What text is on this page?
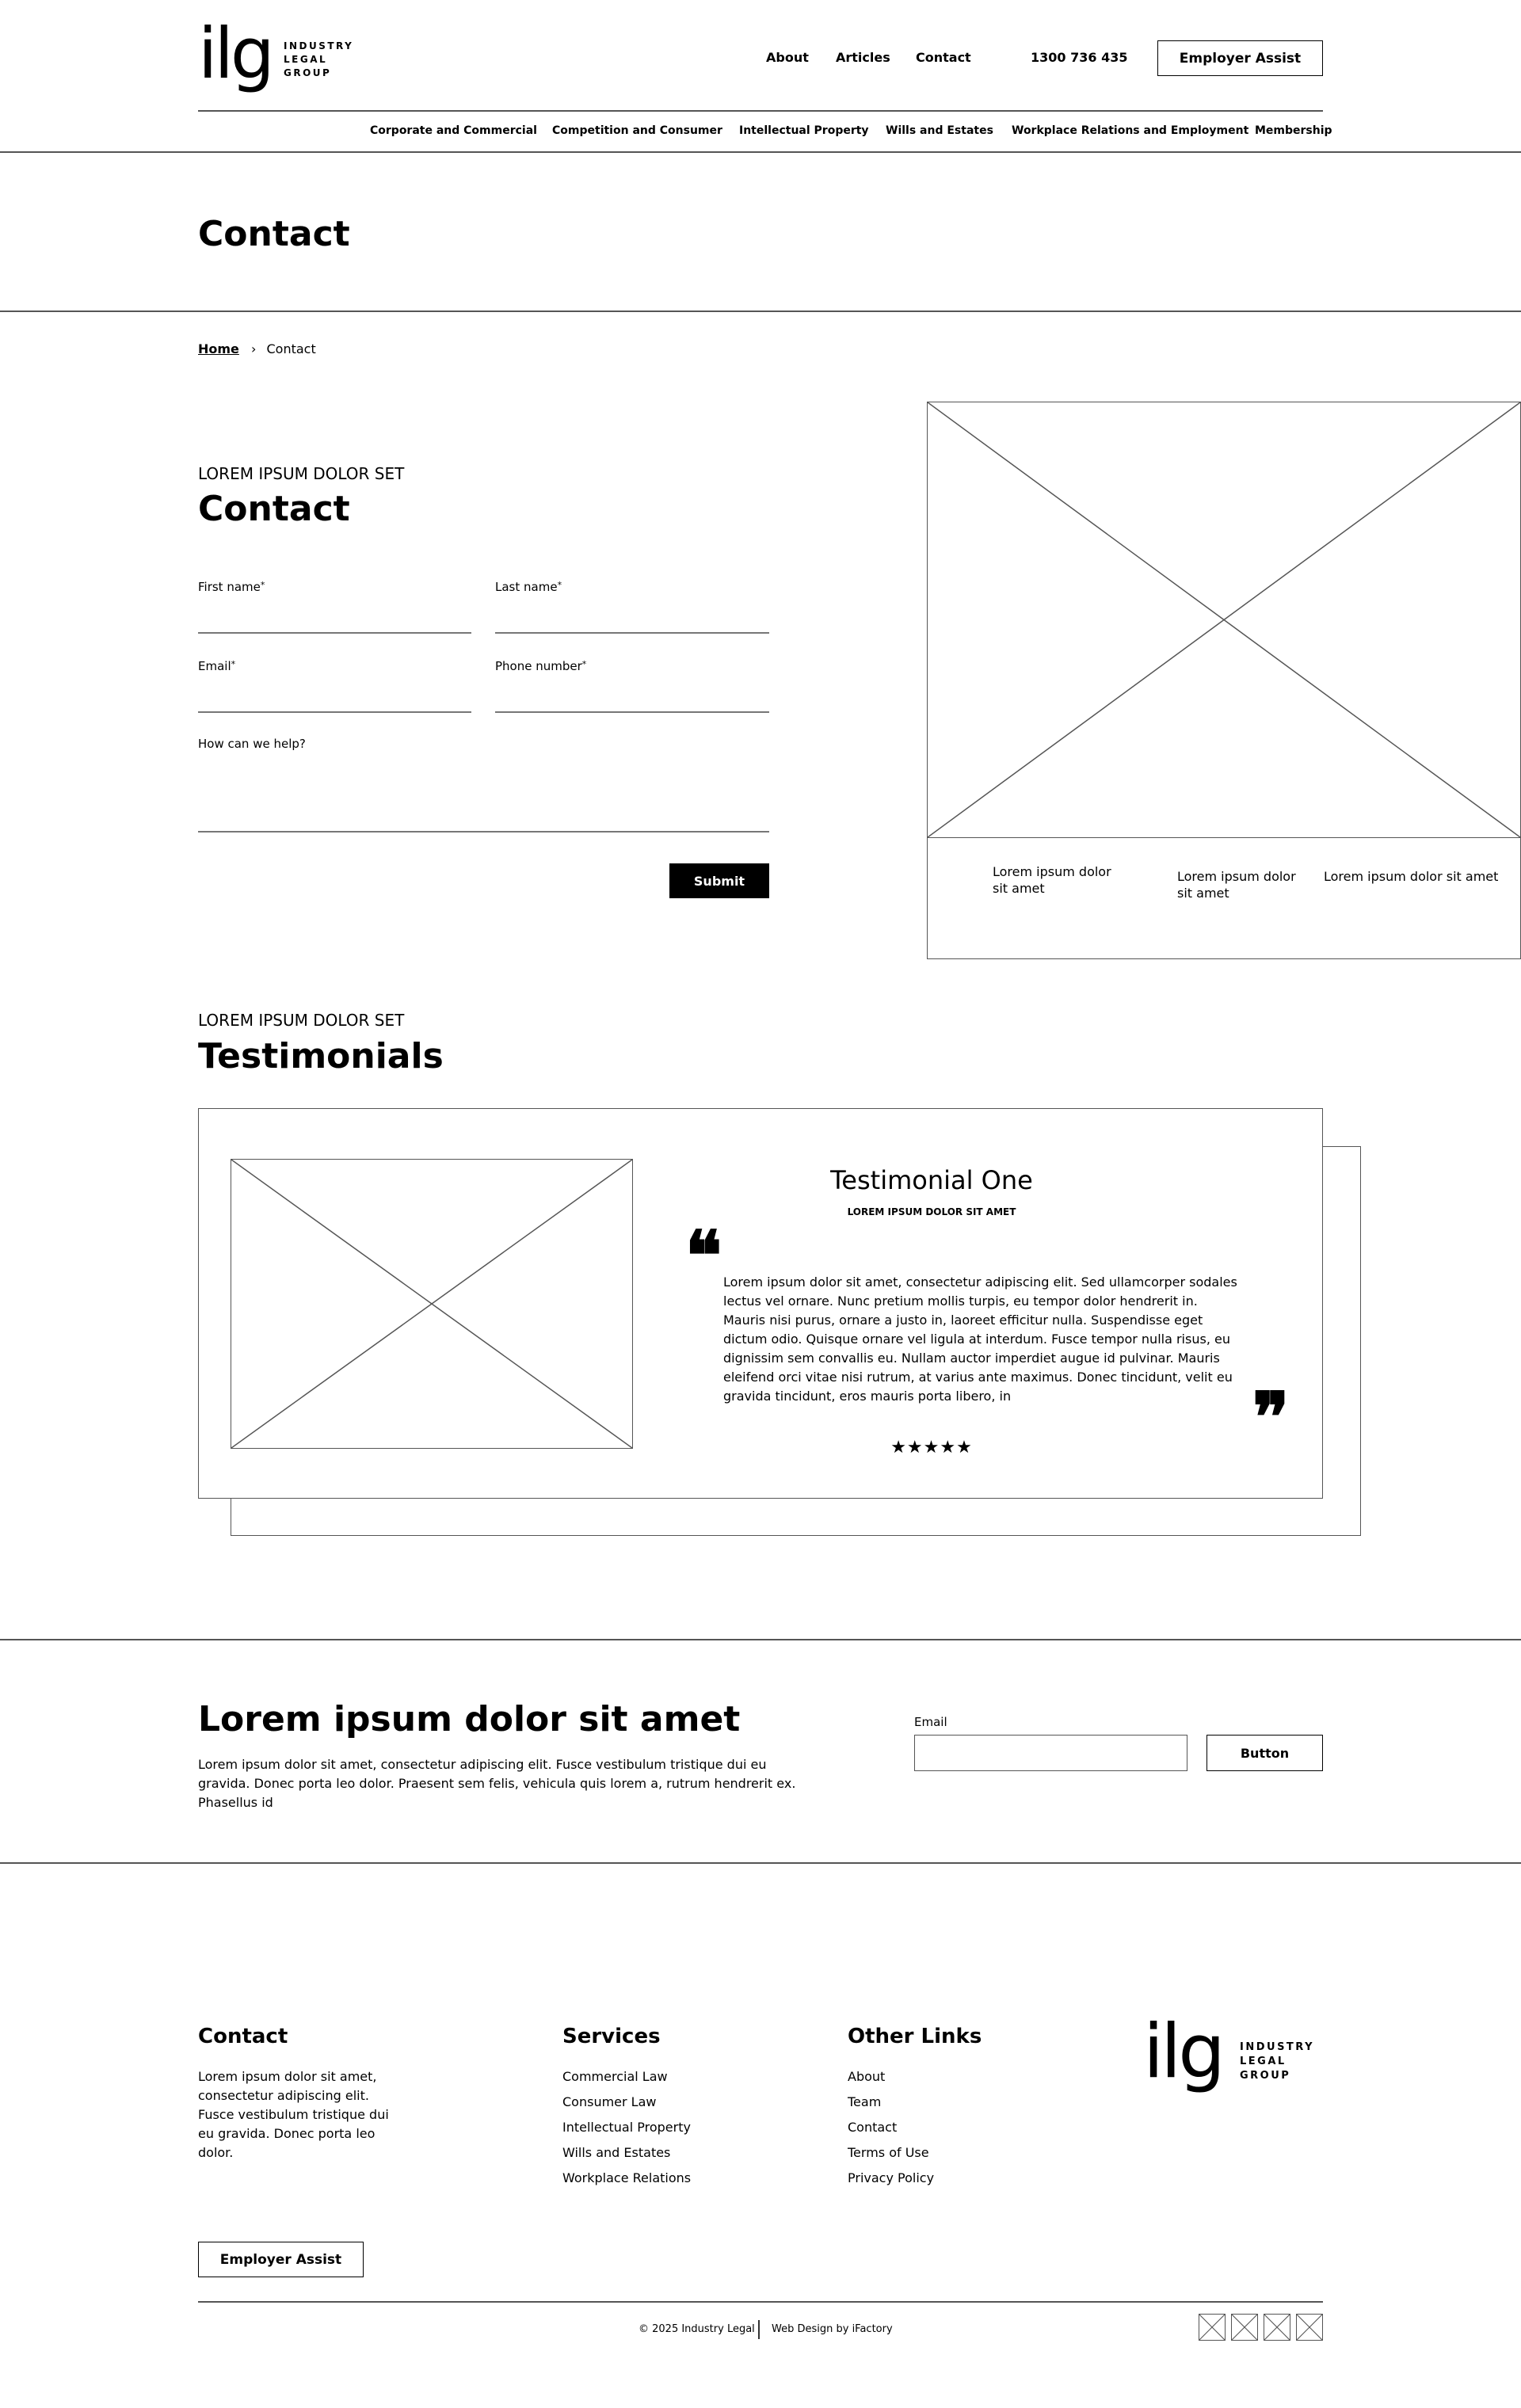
ilg INDUSTRY
LEGAL
GROUP
About Articles Contact	1300 736 435	Employer Assist
Corporate and Commercial Competition and Consumer Intellectual Property Wills and Estates Workplace Relations and Employment Membership
Contact
Home › Contact
LOREM IPSUM DOLOR SET
Contact
First name*	Last name*
Email*	Phone number*
How can we help?
Submit
Lorem ipsum dolor sit amet
Lorem ipsum dolor sit amet
Lorem ipsum dolor sit amet
LOREM IPSUM DOLOR SET
Testimonials
Testimonial One
LOREM IPSUM DOLOR SIT AMET
❝ Lorem ipsum dolor sit amet, consectetur adipiscing elit. Sed ullamcorper sodales lectus vel ornare. Nunc pretium mollis turpis, eu tempor dolor hendrerit in. Mauris nisi purus, ornare a justo in, laoreet efficitur nulla. Suspendisse eget dictum odio. Quisque ornare vel ligula at interdum. Fusce tempor nulla risus, eu dignissim sem convallis eu. Nullam auctor imperdiet augue id pulvinar. Mauris eleifend orci vitae nisi rutrum, at varius ante maximus. Donec tincidunt, velit eu gravida tincidunt, eros mauris porta libero, in	❞
★★★★★
Lorem ipsum dolor sit amet

Lorem ipsum dolor sit amet, consectetur adipiscing elit. Fusce vestibulum tristique dui eu gravida. Donec porta leo dolor. Praesent sem felis, vehicula quis lorem a, rutrum hendrerit ex. Phasellus id

Email
Button
Contact

Lorem ipsum dolor sit amet, consectetur adipiscing elit. Fusce vestibulum tristique dui eu gravida. Donec porta leo dolor.

Services
Commercial Law
Consumer Law
Intellectual Property
Wills and Estates
Workplace Relations
Other Links
About
Team
Contact
Terms of Use
Privacy Policy
ilg INDUSTRY
LEGAL
GROUP
Employer Assist
© 2025 Industry Legal Web Design by iFactory
